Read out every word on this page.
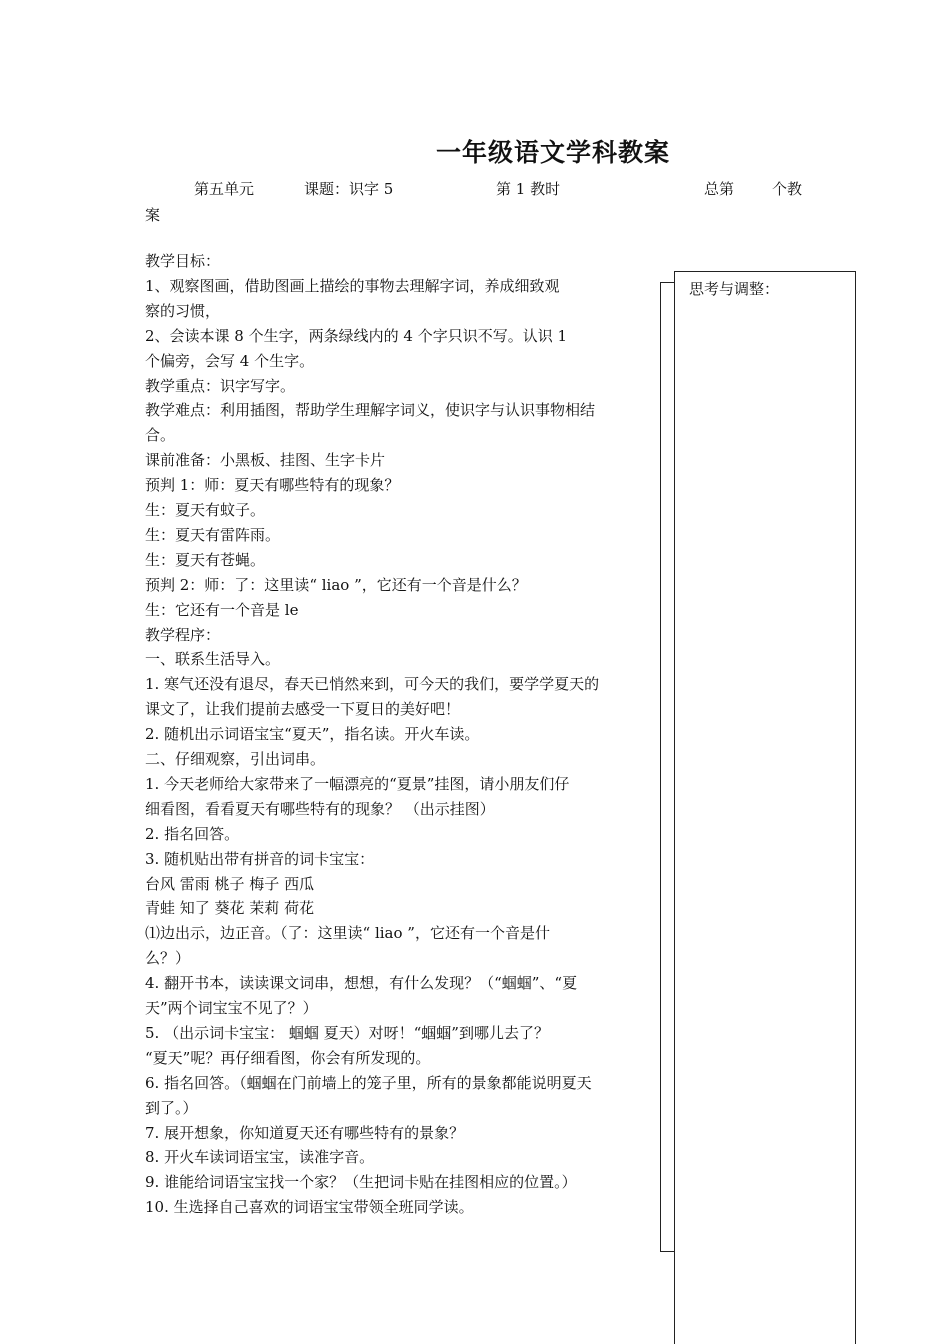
一年级语文学科教案
第五单元	课题：识字 5	第 1 教时	总第	个教
案
思考与调整：
教学目标：
1、观察图画，借助图画上描绘的事物去理解字词，养成细致观
察的习惯，
2、会读本课 8 个生字，两条绿线内的 4 个字只识不写。认识 1
个偏旁，会写 4 个生字。
教学重点：识字写字。
教学难点：利用插图，帮助学生理解字词义，使识字与认识事物相结
合。
课前准备：小黑板、挂图、生字卡片
预判 1：师：夏天有哪些特有的现象？
生：夏天有蚊子。
生：夏天有雷阵雨。
生：夏天有苍蝇。
预判 2：师：了：这里读“ liao ”，它还有一个音是什么？
生：它还有一个音是 le
教学程序：
一、联系生活导入。
1. 寒气还没有退尽，春天已悄然来到，可今天的我们，要学学夏天的
课文了，让我们提前去感受一下夏日的美好吧！
2. 随机出示词语宝宝“夏天”，指名读。开火车读。
二、仔细观察，引出词串。
1. 今天老师给大家带来了一幅漂亮的“夏景”挂图，请小朋友们仔
细看图，看看夏天有哪些特有的现象？ （出示挂图）
2. 指名回答。
3. 随机贴出带有拼音的词卡宝宝：
台风 雷雨 桃子 梅子 西瓜
青蛙 知了 葵花 茉莉 荷花
⑴边出示，边正音。（了：这里读“ liao ”，它还有一个音是什
么？）
4. 翻开书本，读读课文词串，想想，有什么发现？（“蝈蝈”、“夏
天”两个词宝宝不见了？）
5. （出示词卡宝宝： 蝈蝈 夏天）对呀！“蝈蝈”到哪儿去了？
“夏天”呢？再仔细看图，你会有所发现的。
6. 指名回答。（蝈蝈在门前墙上的笼子里，所有的景象都能说明夏天
到了。）
7. 展开想象，你知道夏天还有哪些特有的景象？
8. 开火车读词语宝宝，读准字音。
9. 谁能给词语宝宝找一个家？（生把词卡贴在挂图相应的位置。）
10. 生选择自己喜欢的词语宝宝带领全班同学读。
